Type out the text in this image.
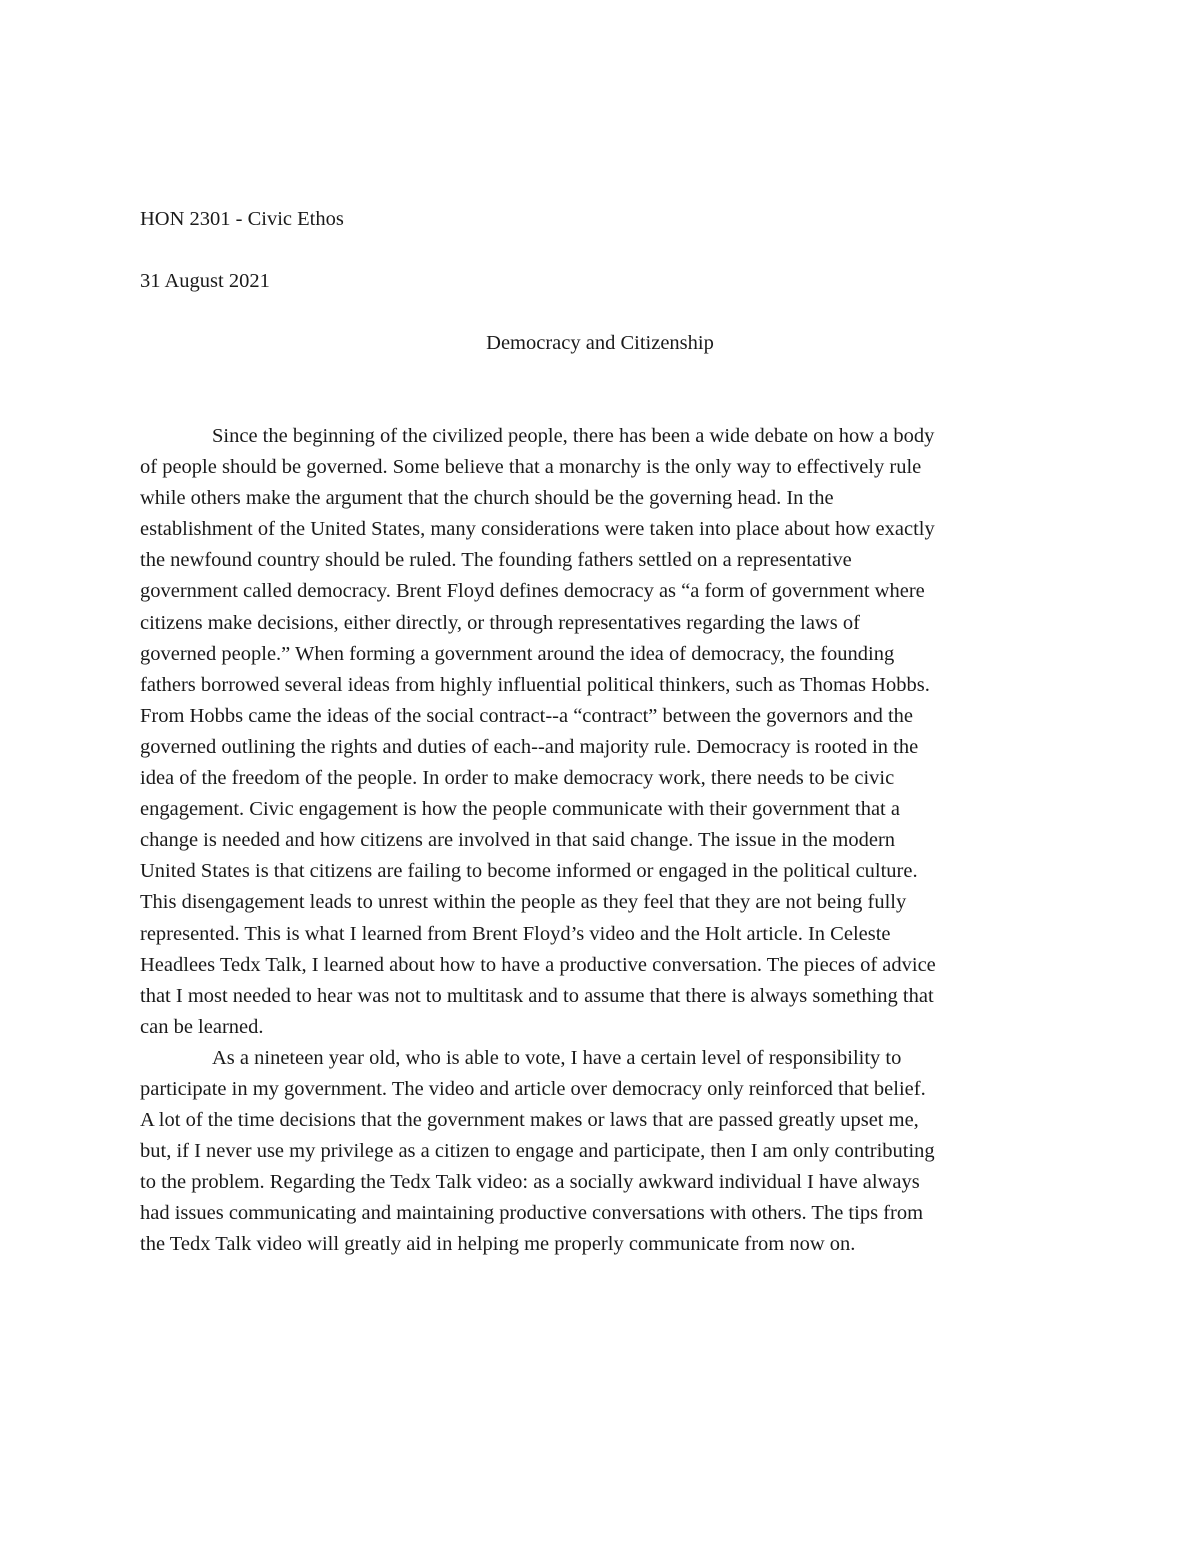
HON 2301 - Civic Ethos
31 August 2021
Democracy and Citizenship
Since the beginning of the civilized people, there has been a wide debate on how a body
of people should be governed. Some believe that a monarchy is the only way to effectively rule
while others make the argument that the church should be the governing head. In the
establishment of the United States, many considerations were taken into place about how exactly
the newfound country should be ruled. The founding fathers settled on a representative
government called democracy. Brent Floyd defines democracy as “a form of government where
citizens make decisions, either directly, or through representatives regarding the laws of
governed people.” When forming a government around the idea of democracy, the founding
fathers borrowed several ideas from highly influential political thinkers, such as Thomas Hobbs.
From Hobbs came the ideas of the social contract--a “contract” between the governors and the
governed outlining the rights and duties of each--and majority rule. Democracy is rooted in the
idea of the freedom of the people. In order to make democracy work, there needs to be civic
engagement. Civic engagement is how the people communicate with their government that a
change is needed and how citizens are involved in that said change. The issue in the modern
United States is that citizens are failing to become informed or engaged in the political culture.
This disengagement leads to unrest within the people as they feel that they are not being fully
represented. This is what I learned from Brent Floyd’s video and the Holt article. In Celeste
Headlees Tedx Talk, I learned about how to have a productive conversation. The pieces of advice
that I most needed to hear was not to multitask and to assume that there is always something that
can be learned.
As a nineteen year old, who is able to vote, I have a certain level of responsibility to
participate in my government. The video and article over democracy only reinforced that belief.
A lot of the time decisions that the government makes or laws that are passed greatly upset me,
but, if I never use my privilege as a citizen to engage and participate, then I am only contributing
to the problem. Regarding the Tedx Talk video: as a socially awkward individual I have always
had issues communicating and maintaining productive conversations with others. The tips from
the Tedx Talk video will greatly aid in helping me properly communicate from now on.
